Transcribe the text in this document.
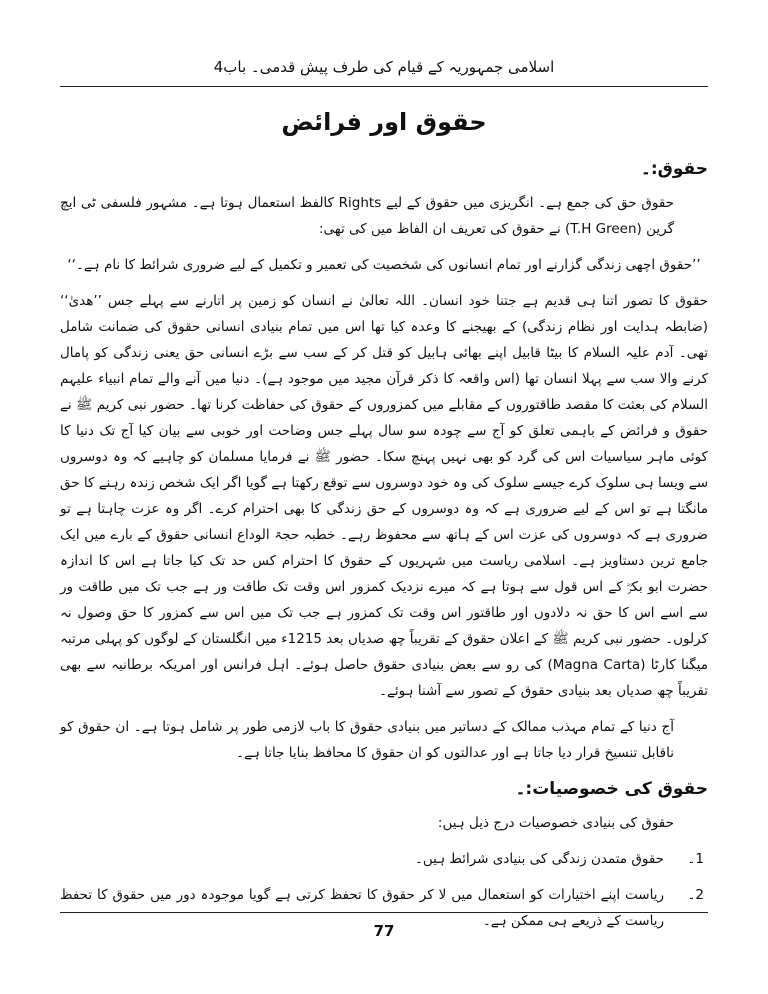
اسلامی جمہوریہ کے قیام کی طرف پیش قدمی۔ باب4
حقوق اور فرائض
حقوق:۔

حقوق حق کی جمع ہے۔ انگریزی میں حقوق کے لیے Rights کالفظ استعمال ہوتا ہے۔ مشہور فلسفی ٹی ایچ گرین (T.H Green) نے حقوق کی تعریف ان الفاظ میں کی تھی:

’’حقوق اچھی زندگی گزارنے اور تمام انسانوں کی شخصیت کی تعمیر و تکمیل کے لیے ضروری شرائط کا نام ہے۔‘‘

حقوق کا تصور اتنا ہی قدیم ہے جتنا خود انسان۔ اللہ تعالیٰ نے انسان کو زمین پر اتارنے سے پہلے جس ’’ھدیٰ‘‘ (ضابطہ ہدایت اور نظام زندگی) کے بھیجنے کا وعدہ کیا تھا اس میں تمام بنیادی انسانی حقوق کی ضمانت شامل تھی۔ آدم علیہ السلام کا بیٹا قابیل اپنے بھائی ہابیل کو قتل کر کے سب سے بڑے انسانی حق یعنی زندگی کو پامال کرنے والا سب سے پہلا انسان تھا (اس واقعہ کا ذکر قرآن مجید میں موجود ہے)۔ دنیا میں آنے والے تمام انبیاء علیہم السلام کی بعثت کا مقصد طاقتوروں کے مقابلے میں کمزوروں کے حقوق کی حفاظت کرنا تھا۔ حضور نبی کریم ﷺ نے حقوق و فرائض کے باہمی تعلق کو آج سے چودہ سو سال پہلے جس وضاحت اور خوبی سے بیان کیا آج تک دنیا کا کوئی ماہر سیاسیات اس کی گرد کو بھی نہیں پہنچ سکا۔ حضور ﷺ نے فرمایا مسلمان کو چاہیے کہ وہ دوسروں سے ویسا ہی سلوک کرے جیسے سلوک کی وہ خود دوسروں سے توقع رکھتا ہے گویا اگر ایک شخص زندہ رہنے کا حق مانگتا ہے تو اس کے لیے ضروری ہے کہ وہ دوسروں کے حق زندگی کا بھی احترام کرے۔ اگر وہ عزت چاہتا ہے تو ضروری ہے کہ دوسروں کی عزت اس کے ہاتھ سے محفوظ رہے۔ خطبہ حجۃ الوداع انسانی حقوق کے بارے میں ایک جامع ترین دستاویز ہے۔ اسلامی ریاست میں شہریوں کے حقوق کا احترام کس حد تک کیا جاتا ہے اس کا اندازہ حضرت ابو بکرؓ کے اس قول سے ہوتا ہے کہ میرے نزدیک کمزور اس وقت تک طاقت ور ہے جب تک میں طاقت ور سے اسے اس کا حق نہ دلادوں اور طاقتور اس وقت تک کمزور ہے جب تک میں اس سے کمزور کا حق وصول نہ کرلوں۔ حضور نبی کریم ﷺ کے اعلان حقوق کے تقریباً چھ صدیاں بعد 1215ء میں انگلستان کے لوگوں کو پہلی مرتبہ میگنا کارٹا (Magna Carta) کی رو سے بعض بنیادی حقوق حاصل ہوئے۔ اہل فرانس اور امریکہ برطانیہ سے بھی تقریباً چھ صدیاں بعد بنیادی حقوق کے تصور سے آشنا ہوئے۔

آج دنیا کے تمام مہذب ممالک کے دساتیر میں بنیادی حقوق کا باب لازمی طور پر شامل ہوتا ہے۔ ان حقوق کو ناقابل تنسیخ قرار دیا جاتا ہے اور عدالتوں کو ان حقوق کا محافظ بنایا جاتا ہے۔

حقوق کی خصوصیات:۔

حقوق کی بنیادی خصوصیات درج ذیل ہیں:

1۔
حقوق متمدن زندگی کی بنیادی شرائط ہیں۔
2۔
ریاست اپنے اختیارات کو استعمال میں لا کر حقوق کا تحفظ کرتی ہے گویا موجودہ دور میں حقوق کا تحفظ ریاست کے ذریعے ہی ممکن ہے۔
77
